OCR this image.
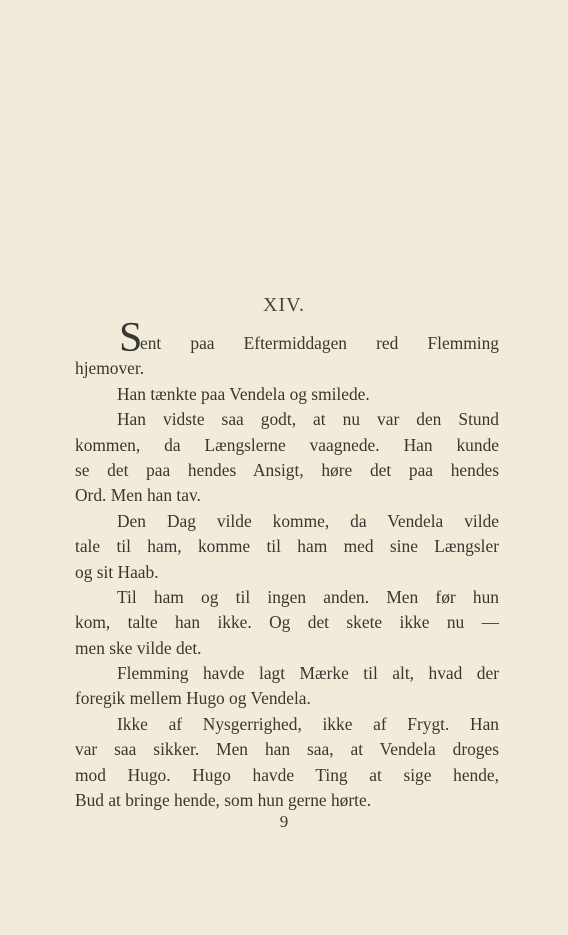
XIV.
S
ent paa Eftermiddagen red Flemming
hjemover.
Han tænkte paa Vendela og smilede.
Han vidste saa godt, at nu var den Stund
kommen, da Længslerne vaagnede. Han kunde
se det paa hendes Ansigt, høre det paa hendes
Ord. Men han tav.
Den Dag vilde komme, da Vendela vilde
tale til ham, komme til ham med sine Længsler
og sit Haab.
Til ham og til ingen anden. Men før hun
kom, talte han ikke. Og det skete ikke nu —
men ske vilde det.
Flemming havde lagt Mærke til alt, hvad der
foregik mellem Hugo og Vendela.
Ikke af Nysgerrighed, ikke af Frygt. Han
var saa sikker. Men han saa, at Vendela droges
mod Hugo. Hugo havde Ting at sige hende,
Bud at bringe hende, som hun gerne hørte.
9
